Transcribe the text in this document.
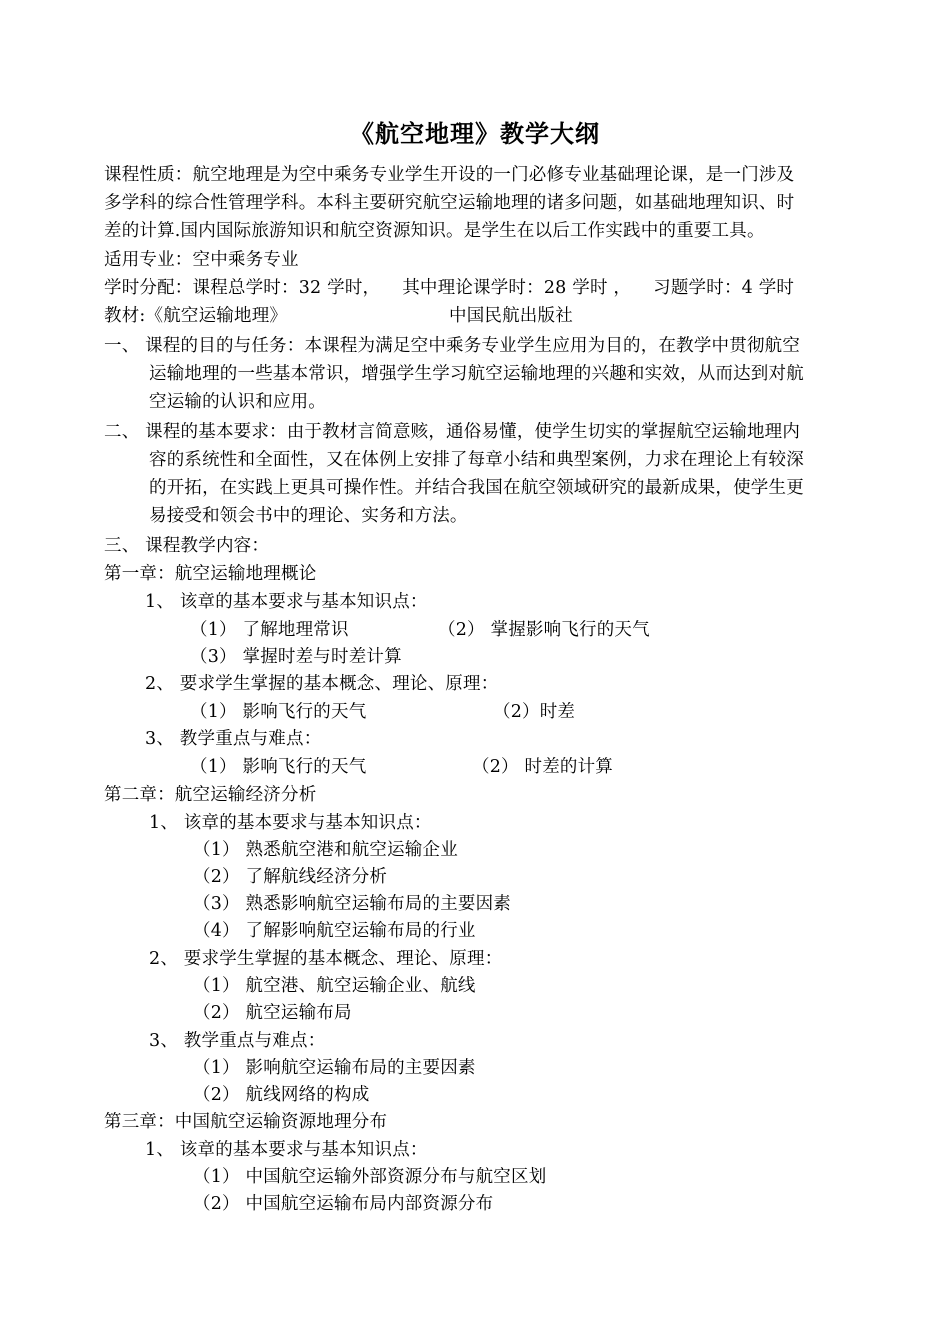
《航空地理》教学大纲
课程性质：航空地理是为空中乘务专业学生开设的一门必修专业基础理论课，是一门涉及
多学科的综合性管理学科。本科主要研究航空运输地理的诸多问题，如基础地理知识、时
差的计算.国内国际旅游知识和航空资源知识。是学生在以后工作实践中的重要工具。
适用专业：空中乘务专业
学时分配：课程总学时：32 学时， 其中理论课学时：28 学时 ， 习题学时：4 学时
教材:《航空运输地理》	中国民航出版社
一、 课程的目的与任务：本课程为满足空中乘务专业学生应用为目的，在教学中贯彻航空
运输地理的一些基本常识，增强学生学习航空运输地理的兴趣和实效，从而达到对航
空运输的认识和应用。
二、 课程的基本要求：由于教材言简意赅，通俗易懂，使学生切实的掌握航空运输地理内
容的系统性和全面性，又在体例上安排了每章小结和典型案例，力求在理论上有较深
的开拓，在实践上更具可操作性。并结合我国在航空领域研究的最新成果，使学生更
易接受和领会书中的理论、实务和方法。
三、 课程教学内容：
第一章：航空运输地理概论
1、 该章的基本要求与基本知识点：
（1） 了解地理常识	（2） 掌握影响飞行的天气
（3） 掌握时差与时差计算
2、 要求学生掌握的基本概念、理论、原理：
（1） 影响飞行的天气	（2）时差
3、 教学重点与难点：
（1） 影响飞行的天气	（2） 时差的计算
第二章：航空运输经济分析
1、 该章的基本要求与基本知识点：
（1） 熟悉航空港和航空运输企业
（2） 了解航线经济分析
（3） 熟悉影响航空运输布局的主要因素
（4） 了解影响航空运输布局的行业
2、 要求学生掌握的基本概念、理论、原理：
（1） 航空港、航空运输企业、航线
（2） 航空运输布局
3、 教学重点与难点：
（1） 影响航空运输布局的主要因素
（2） 航线网络的构成
第三章：中国航空运输资源地理分布
1、 该章的基本要求与基本知识点：
（1） 中国航空运输外部资源分布与航空区划
（2） 中国航空运输布局内部资源分布
